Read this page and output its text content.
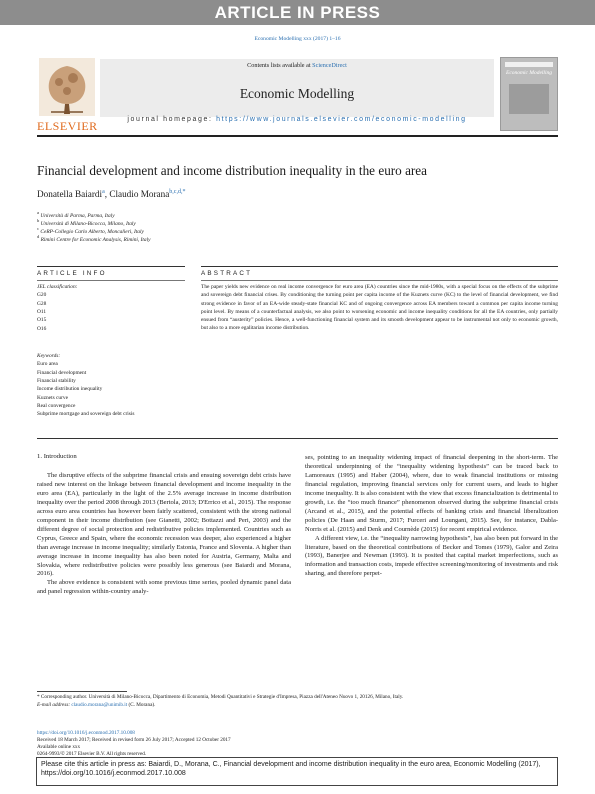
ARTICLE IN PRESS
Economic Modelling xxx (2017) 1–16
ELSEVIER
Contents lists available at ScienceDirect
Economic Modelling
journal homepage: https://www.journals.elsevier.com/economic-modelling
Economic Modelling
Financial development and income distribution inequality in the euro area
Donatella Baiardi$^a$, Claudio Morana$^{b,c,d,*}$
$^a$ Università di Parma, Parma, Italy
$^b$ Università di Milano-Bicocca, Milano, Italy
$^c$ CeRP-Collegio Carlo Alberto, Moncalieri, Italy
$^d$ Rimini Centre for Economic Analysis, Rimini, Italy
ARTICLE INFO	ABSTRACT
JEL classification:
G20
G28
O11
O15
O16
Keywords:
Euro area
Financial development
Financial stability
Income distribution inequality
Kuznets curve
Real convergence
Subprime mortgage and sovereign debt crisis

The paper yields new evidence on real income convergence for euro area (EA) countries since the mid-1980s, with a special focus on the effects of the subprime and sovereign debt financial crises. By conditioning the turning point per capita income of the Kuznets curve (KC) to the level of financial development, we find strong evidence in favor of an EA-wide steady-state financial KC and of ongoing convergence across EA members toward a common per capita income turning point level. By means of a counterfactual analysis, we also point to worsening economic and income inequality conditions for all the EA countries, only partially ensued from “austerity” policies. Hence, a well-functioning financial system and its smooth development appear to be instrumental not only to economic growth, but also to a more egalitarian income distribution.

1. Introduction

The disruptive effects of the subprime financial crisis and ensuing sovereign debt crisis have raised new interest on the linkage between financial development and income inequality in the euro area (EA), particularly in the light of the 2.5% average increase in income distribution inequality over the period 2008 through 2013 (Bertola, 2013; D'Errico et al., 2015). The response across euro area countries has however been fairly scattered, consistent with the strong national component in their income distribution (see Gianetti, 2002; Bottazzi and Peri, 2003) and the different degree of social protection and redistributive policies implemented. Countries such as Cyprus, Greece and Spain, where the economic recession was deeper, also experienced a higher than average increase in income inequality; similarly Estonia, France and Slovenia. A higher than average increase in income inequality has also been noted for Austria, Germany, Malta and Slovakia, where redistributive policies were possibly less generous (see Baiardi and Morana, 2016).

The above evidence is consistent with some previous time series, pooled dynamic panel data and panel regression within-country analy-

ses, pointing to an inequality widening impact of financial deepening in the short-term. The theoretical underpinning of the “inequality widening hypothesis” can be traced back to Lamoreaux (1995) and Haber (2004), where, due to weak financial institutions or missing financial regulation, improving financial services only for current users, and leads to higher income inequality. It is also consistent with the view that excess financialization is detrimental to growth, i.e. the “too much finance” phenomenon observed during the subprime financial crisis (Arcand et al., 2015), and the potential effects of banking crisis and financial liberalization policies (De Haan and Sturm, 2017; Furceri and Loungani, 2015). See, for instance, Dabla-Norris et al. (2015) and Denk and Cournède (2015) for recent empirical evidence.

A different view, i.e. the “inequality narrowing hypothesis”, has also been put forward in the literature, based on the theoretical contributions of Becker and Tomes (1979), Galor and Zeira (1993), Banerjee and Newman (1993). It is posited that capital market imperfections, such as information and transaction costs, impede effective screening/monitoring of investments and risk sharing, and therefore perpet-

* Corresponding author. Università di Milano-Bicocca, Dipartimento di Economia, Metodi Quantitativi e Strategie d'Impresa, Piazza dell'Ateneo Nuovo 1, 20126, Milano, Italy.
E-mail address: claudio.morana@unimib.it (C. Morana).
https://doi.org/10.1016/j.econmod.2017.10.008
Received 18 March 2017; Received in revised form 26 July 2017; Accepted 12 October 2017
Available online xxx
0264-9993/© 2017 Elsevier B.V. All rights reserved.
Please cite this article in press as: Baiardi, D., Morana, C., Financial development and income distribution inequality in the euro area, Economic Modelling (2017), https://doi.org/10.1016/j.econmod.2017.10.008
